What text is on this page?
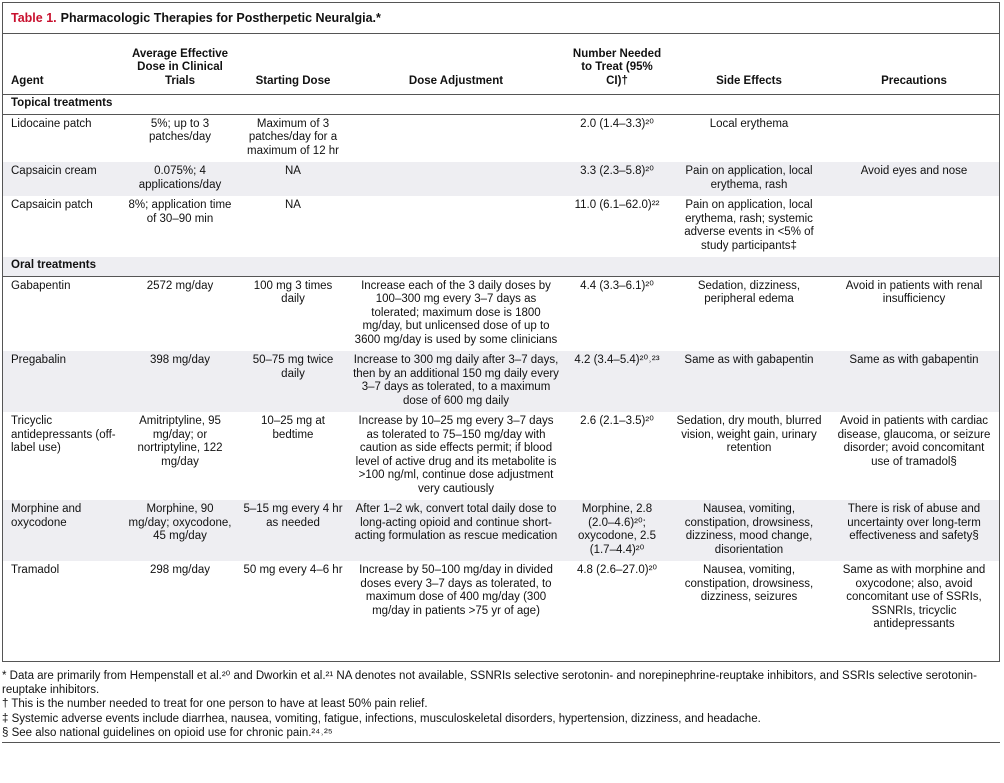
Table 1. Pharmacologic Therapies for Postherpetic Neuralgia.*
Agent	Average Effective Dose in Clinical Trials	Starting Dose	Dose Adjustment	Number Needed to Treat (95% CI)†	Side Effects	Precautions
Topical treatments						
Lidocaine patch	5%; up to 3 patches/day	Maximum of 3 patches/day for a maximum of 12 hr		2.0 (1.4–3.3)²⁰	Local erythema	
Capsaicin cream	0.075%; 4 applications/day	NA		3.3 (2.3–5.8)²⁰	Pain on application, local erythema, rash	Avoid eyes and nose
Capsaicin patch	8%; application time of 30–90 min	NA		11.0 (6.1–62.0)²²	Pain on application, local erythema, rash; systemic adverse events in <5% of study participants‡	
Oral treatments						
Gabapentin	2572 mg/day	100 mg 3 times daily	Increase each of the 3 daily doses by 100–300 mg every 3–7 days as tolerated; maximum dose is 1800 mg/day, but unlicensed dose of up to 3600 mg/day is used by some clinicians	4.4 (3.3–6.1)²⁰	Sedation, dizziness, peripheral edema	Avoid in patients with renal insufficiency
Pregabalin	398 mg/day	50–75 mg twice daily	Increase to 300 mg daily after 3–7 days, then by an additional 150 mg daily every 3–7 days as tolerated, to a maximum dose of 600 mg daily	4.2 (3.4–5.4)²⁰˒²³	Same as with gabapentin	Same as with gabapentin
Tricyclic antidepressants (off-label use)	Amitriptyline, 95 mg/day; or nortriptyline, 122 mg/day	10–25 mg at bedtime	Increase by 10–25 mg every 3–7 days as tolerated to 75–150 mg/day with caution as side effects permit; if blood level of active drug and its metabolite is >100 ng/ml, continue dose adjustment very cautiously	2.6 (2.1–3.5)²⁰	Sedation, dry mouth, blurred vision, weight gain, urinary retention	Avoid in patients with cardiac disease, glaucoma, or seizure disorder; avoid concomitant use of tramadol§
Morphine and oxycodone	Morphine, 90 mg/day; oxycodone, 45 mg/day	5–15 mg every 4 hr as needed	After 1–2 wk, convert total daily dose to long-acting opioid and continue short-acting formulation as rescue medication	Morphine, 2.8 (2.0–4.6)²⁰; oxycodone, 2.5 (1.7–4.4)²⁰	Nausea, vomiting, constipation, drowsiness, dizziness, mood change, disorientation	There is risk of abuse and uncertainty over long-term effectiveness and safety§
Tramadol	298 mg/day	50 mg every 4–6 hr	Increase by 50–100 mg/day in divided doses every 3–7 days as tolerated, to maximum dose of 400 mg/day (300 mg/day in patients >75 yr of age)	4.8 (2.6–27.0)²⁰	Nausea, vomiting, constipation, drowsiness, dizziness, seizures	Same as with morphine and oxycodone; also, avoid concomitant use of SSRIs, SSNRIs, tricyclic antidepressants
* Data are primarily from Hempenstall et al.²⁰ and Dworkin et al.²¹ NA denotes not available, SSNRIs selective serotonin- and norepinephrine-reuptake inhibitors, and SSRIs selective serotonin-reuptake inhibitors.
† This is the number needed to treat for one person to have at least 50% pain relief.
‡ Systemic adverse events include diarrhea, nausea, vomiting, fatigue, infections, musculoskeletal disorders, hypertension, dizziness, and headache.
§ See also national guidelines on opioid use for chronic pain.²⁴˒²⁵
